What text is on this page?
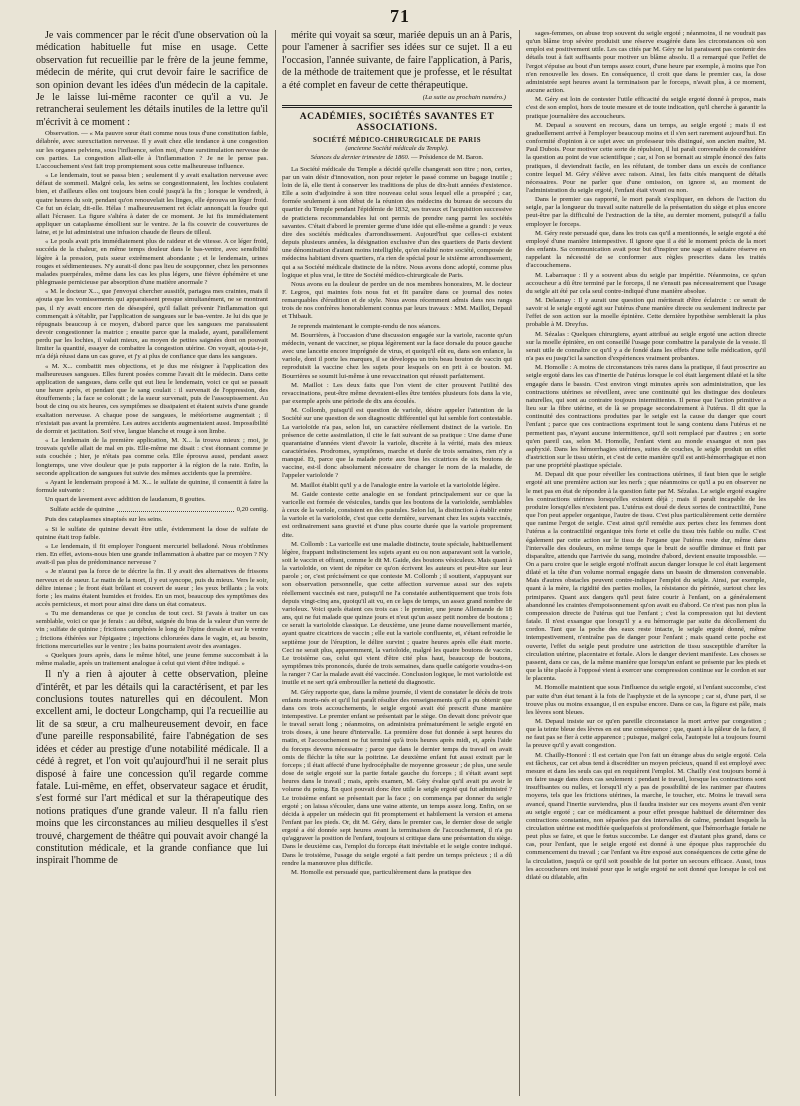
71

Je vais commencer par le récit d'une observation où la médication habituelle fut mise en usage. Cette observation fut recueillie par le frère de la jeune femme, médecin de mérite, qui crut devoir faire le sacrifice de son opinion devant les idées d'un médecin de la capitale. Je le laisse lui-même raconter ce qu'il a vu. Je retrancherai seulement les détails inutiles de la lettre qu'il m'écrivit à ce moment :

Observation. — « Ma pauvre sœur était comme nous tous d'une constitution faible, délabrée, avec surexcitation nerveuse. Il y avait chez elle tendance à une congestion sur les organes pelviens, sous l'influence, selon moi, d'une surstimulation nerveuse de ces parties. La congestion allait-elle à l'inflammation ? Je ne le pense pas. L'accouchement s'est fait trop promptement sous cette malheureuse influence.

« Le lendemain, tout se passa bien ; seulement il y avait exaltation nerveuse avec défaut de sommeil. Malgré cela, les seins se congestionnaient, les lochies coulaient bien, et d'ailleurs elles ont toujours bien coulé jusqu'à la fin ; lorsque le vendredi, à quatre heures du soir, pendant qu'on renouvelait les linges, elle éprouva un léger froid. Ce fut un éclair, dit-elle. Hélas ! malheureusement ret éclair annonçait la foudre qui allait l'écraser. La figure s'altéra à dater de ce moment. Je lui fis immédiatement appliquer un cataplasme émollient sur le ventre. Je la fis couvrir de couvertures de laine, et je lui administrai une infusion chaude de fleurs de tilleul.

« Le pouls avait pris immédiatement plus de raideur et de vitesse. A ce léger froid, succéda de la chaleur, en même temps douleur dans le bas-ventre, avec sensibilité légère à la pression, puis sueur extrêmement abondante ; et le lendemain, urines rouges et sédimenteuses. N'y aurait-il donc pas lieu de soupçonner, chez les personnes malades puerpérales, même dans les cas les plus légers, une fièvre éphémère et une phlegmasie pernicieuse par absorption d'une matière anormale ?

« M. le docteur X..., que j'envoyai chercher aussitôt, partagea mes craintes, mais il ajouta que les vomissements qui apparaissent presque simultanément, ne se montrant pas, il n'y avait encore rien de désespéré, qu'il fallait prévenir l'inflammation qui commençait à s'établir, par l'application de sangsues sur le bas-ventre. Je lui dis que je répugnais beaucoup à ce moyen, d'abord parce que les sangsues me paraissaient devoir congestionner la matrice ; ensuite parce que la malade, ayant, parallèlement perdu par les lochies, il valait mieux, au moyen de petites saignées dont on pouvait limiter la quantité, essayer de combattre la congestion utérine. On voyait, ajouta-t-je, m'a déjà réussi dans un cas grave, et j'y ai plus de confiance que dans les sangsues.

« M. X... combattit mes objections, et je dus me résigner à l'application des malheureuses sangsues. Elles furent posées comme l'avait dit le médecin. Dans cette application de sangsues, dans celle qui eut lieu le lendemain, voici ce qui se passait une heure après, et pendant que le sang coulait : il survenait de l'oppression, des étouffements ; la face se colorait ; de la sueur survenait, puis de l'assoupissement. Au bout de cinq ou six heures, ces symptômes se dissipaient et étaient suivis d'une grande exaltation nerveuse. A chaque pose de sangsues, le météorisme augmentait ; il n'existait pas avant la première. Les autres accidents augmentaient aussi. Impossibilité de dormir et jactitation. Soif vive, langue blanche et rouge à son limbe.

« Le lendemain de la première application, M. X... la trouva mieux ; moi, je trouvais qu'elle allait de mal en pis. Elle-même me disait : c'est étonnant comme je suis couchée ; hier, je n'étais pas comme cela. Elle éprouva aussi, pendant assez longtemps, une vive douleur que je puis rapporter à la région de la rate. Enfin, la seconde application de sangsues fut suivie des mêmes accidents que la première.

« Ayant le lendemain proposé à M. X... le sulfate de quinine, il consentit à faire la formule suivante :

Un quart de lavement avec addition de laudanum, 8 gouttes.

Sulfate acide de quinine	0,20 centig.

Puis des cataplasmes sinapisés sur les seins.

« Si le sulfate de quinine devait être utile, évidemment la dose de sulfate de quinine était trop faible.

« Le lendemain, il fit employer l'onguent mercuriel belladoné. Nous n'obtînmes rien. En effet, avions-nous bien une grande inflammation à abattre par ce moyen ? N'y avait-il pas plus de prédominance nerveuse ?

« Je n'aurai pas la force de te décrire la fin. Il y avait des alternatives de frissons nerveux et de sueur. Le matin de la mort, il y eut syncope, puis du mieux. Vers le soir, délire intense ; le front était brûlant et couvert de sueur ; les yeux brillants ; la voix forte ; les mains étaient humides et froides. En un mot, beaucoup des symptômes des accès pernicieux, et mort pour ainsi dire dans un état comateux.

« Tu me demanderas ce que je conclus de tout ceci. Si j'avais à traiter un cas semblable, voici ce que je ferais : au début, saignée du bras de la valeur d'un verre de vin ; sulfate de quinine ; frictions camphrées le long de l'épine dorsale et sur le ventre ; frictions éthérées sur l'épigastre ; injections chlorurées dans le vagin, et, au besoin, frictions mercurielles sur le ventre ; les bains pourraient avoir des avantages.

« Quelques jours après, dans le même hôtel, une jeune femme succombait à la même maladie, après un traitement analogue à celui qui vient d'être indiqué. »

Il n'y a rien à ajouter à cette observation, pleine d'intérêt, et par les détails qui la caractérisent, et par les conclusions toutes naturelles qui en découlent. Mon excellent ami, le docteur Longchamp, qui l'a recueillie au lit de sa sœur, a cru malheureusement devoir, en face d'une pareille responsabilité, faire l'abnégation de ses idées et céder au prestige d'une notabilité médicale. Il a cédé à regret, et l'on voit qu'aujourd'hui il ne serait plus disposé à faire une concession qu'il regarde comme fatale. Lui-même, en effet, observateur sagace et érudit, s'est formé sur l'art médical et sur la thérapeutique des notions pratiques d'une grande valeur. Il n'a fallu rien moins que les circonstances au milieu desquelles il s'est trouvé, chargement de théâtre qui pouvait avoir changé la constitution médicale, et la grande confiance que lui inspirait l'homme de

mérite qui voyait sa sœur, mariée depuis un an à Paris, pour l'amener à sacrifier ses idées sur ce sujet. Il a eu l'occasion, l'année suivante, de faire l'application, à Paris, de la méthode de traitement que je professe, et le résultat a été complet en faveur de cette thérapeutique.

(La suite au prochain numéro.)
ACADÉMIES, SOCIÉTÉS SAVANTES ET ASSOCIATIONS.
SOCIÉTÉ MÉDICO-CHIRURGICALE DE PARIS
(ancienne Société médicale du Temple).
Séances du dernier trimestre de 1860. — Présidence de M. Baron.

La Société médicale du Temple a décidé qu'elle changerait son titre ; non, certes, par un vain désir d'innovation, non pour rejeter le passé comme un bagage inutile ; loin de là, elle tient à conserver les traditions de plus de dix-huit années d'existence. Elle a soin d'adjoindre à son titre nouveau celui sous lequel elle a prospéré ; car, formée seulement à son début de la réunion des médecins du bureau de secours du quartier du Temple pendant l'épidémie de 1832, ses travaux et l'acquisition successive de praticiens recommandables lui ont permis de prendre rang parmi les sociétés savantes. C'était d'abord le premier germe d'une idée qui elle-même a grandi : je veux dire des sociétés médicales d'arrondissement. Aujourd'hui que celles-ci existent depuis plusieurs années, la désignation exclusive d'un des quartiers de Paris devient une dénomination d'autant moins intelligible, qu'en réalité notre société, composée de médecins habitant divers quartiers, n'a rien de spécial pour le sixième arrondissement, qui a sa Société médicale distincte de la nôtre. Nous avons donc adopté, comme plus logique et plus vrai, le titre de Société médico-chirurgicale de Paris.

Nous avons eu la douleur de perdre un de nos membres honoraires, M. le docteur F. Legros, qui maintes fois nous fut et fit paraître dans ce journal des notes remarquables d'érudition et de style. Nous avons récemment admis dans nos rangs trois de nos confrères honorablement connus par leurs travaux : MM. Maillot, Depaul et Thibault.

Je reprends maintenant le compte-rendu de nos séances.

M. Bourrières, à l'occasion d'une discussion engagée sur la variole, raconte qu'un médecin, venant de vacciner, se piqua légèrement sur la face dorsale du pouce gauche avec une lancette encore imprégnée de virus, et quoiqu'il eût eu, dans son enfance, la variole, dont il porte les marques, il se développa un très beau bouton de vaccin qui reproduisit la vaccine chez les sujets pour lesquels on en prit à ce bouton. M. Bourrières se soumit lui-même à une revaccination qui réussit parfaitement.

M. Maillot : Les deux faits que l'on vient de citer prouvent l'utilité des revaccinations, peut-être même devraient-elles être tentées plusieurs fois dans la vie, par exemple après une période de dix ans écoulés.

M. Collomb, puisqu'il est question de variole, désire appeler l'attention de la Société sur une question de son diagnostic différentiel qui lui semble fort contestable. La varioloïde n'a pas, selon lui, un caractère réellement distinct de la variole. En présence de cette assimilation, il cite le fait suivant de sa pratique : Une dame d'une quarantaine d'années vient d'avoir la variole, discrète à la vérité, mais des mieux caractérisées. Prodromes, symptômes, marche et durée de trois semaines, rien n'y a manqué. Et, parce que la malade porte aux bras les cicatrices de six boutons de vaccine, est-il donc absolument nécessaire de changer le nom de la maladie, de l'appeler varioloïde ?

M. Maillot établit qu'il y a de l'analogie entre la variole et la varioloïde légère.

M. Gaide conteste cette analogie en se fondant principalement sur ce que la varicelle est formée de vésicules, tandis que les boutons de la varioloïde, semblables à ceux de la variole, consistent en des pustules. Selon lui, la distinction à établir entre la variole et la varioloïde, c'est que cette dernière, survenant chez les sujets vaccinés, est ordinairement sans gravité et d'une plus courte durée que la variole proprement dite.

M. Collomb : La varicelle est une maladie distincte, toute spéciale, habituellement légère, frappant indistinctement les sujets ayant eu ou non auparavant soit la variole, soit le vaccin et offrant, comme le dit M. Gaide, des boutons vésiculeux. Mais quant à la varioloïde, on vient de répéter ce qu'on écrivent les auteurs et peut-être sur leur parole ; or, c'est précisément ce que conteste M. Collomb ; il soutient, s'appuyant sur son observation personnelle, que cette affection survenue aussi sur des sujets réellement vaccinés est rare, puisqu'il ne l'a constatée authentiquement que trois fois depuis vingt-cinq ans, quoiqu'il ait vu, en ce laps de temps, un assez grand nombre de varioleux. Voici quels étaient ces trois cas : le premier, une jeune Allemande de 18 ans, qui ne fut malade que quinze jours et n'eut qu'un assez petit nombre de boutons ; ce serait la varioloïde classique. Le deuxième, une jeune dame nouvellement mariée, ayant quatre cicatrices de vaccin ; elle eut la variole confluente, et, s'étant refroidie le septième jour de l'éruption, le délire survint ; quatre heures après elle était morte. Ceci ne serait plus, apparemment, la varioloïde, malgré les quatre boutons de vaccin. Le troisième cas, celui qui vient d'être cité plus haut, beaucoup de boutons, symptômes très prononcés, durée de trois semaines, dans quelle catégorie voudra-t-on la ranger ? Car la malade avait été vaccinée. Conclusion logique, le mot varioloïde est inutile et ne sert qu'à embrouiller la netteté du diagnostic.

M. Géry rapporte que, dans la même journée, il vient de constater le décès de trois enfants morts-nés et qu'il lui paraît résulter des renseignements qu'il a pu obtenir que dans ces trois accouchements, le seigle ergoté avait été prescrit d'une manière intempestive. Le premier enfant se présentait par le siège. On devait donc prévoir que le travail serait long ; néanmoins, on administra prématurément le seigle ergoté en trois doses, à une heure d'intervalle. La première dose fut donnée à sept heures du matin, et l'accouchement ne fut terminé qu'à trois heures après midi, et, après l'aide du forceps devenu nécessaire ; parce que dans le dernier temps du travail on avait omis de fléchir la tête sur la poitrine. Le deuxième enfant fut aussi extrait par le forceps ; il était affecté d'une hydrocéphalie de moyenne grosseur ; de plus, une seule dose de seigle ergoté sur la partie fœtale gauche du forceps ; il s'était avant sept heures dans le travail ; mais, après examen, M. Géry évalue qu'il avait pu avoir le volume du poing. En quoi pouvait donc être utile le seigle ergoté qui fut administré ? Le troisième enfant se présentait par la face ; on commença par donner du seigle ergoté ; on laissa s'écouler, dans une vaine attente, un temps assez long. Enfin, on se décida à appeler un médecin qui fit promptement et habilement la version et amena l'enfant par les pieds. Or, dit M. Géry, dans le premier cas, le dernier dose de seigle ergoté a été donnée sept heures avant la terminaison de l'accouchement, il n'a pu qu'aggraver la position de l'enfant, toujours si critique dans une présentation du siège. Dans le deuxième cas, l'emploi du forceps était inévitable et le seigle contre indiqué. Dans le troisième, l'usage du seigle ergoté a fait perdre un temps précieux ; il a dû rendre la manœuvre plus difficile.

M. Homolle est persuadé que, particulièrement dans la pratique des

sages-femmes, on abuse trop souvent du seigle ergoté ; néanmoins, il ne voudrait pas qu'un blâme trop sévère produisit une réserve exagérée dans les circonstances où son emploi est positivement utile. Les cas cités par M. Géry ne lui paraissent pas contenir des détails tout à fait suffisants pour motiver un blâme absolu. Il a remarqué que l'effet de l'ergot s'épuise au bout d'un temps assez court, d'une heure par exemple, à moins que l'on n'en renouvelle les doses. En conséquence, il croit que dans le premier cas, la dose administrée sept heures avant la terminaison par le forceps, n'avait plus, à ce moment, aucune action.

M. Géry est loin de contester l'utile efficacité du seigle ergoté donné à propos, mais c'est de son emploi, hors de toute mesure et de toute indication, qu'il cherche à garantir la pratique journalière des accoucheurs.

M. Depaul a souvent en recours, dans un temps, au seigle ergoté ; mais il est graduellement arrivé à l'employer beaucoup moins et il s'en sert rarement aujourd'hui. En conformité d'opinion à ce sujet avec un professeur très distingué, son ancien maître, M. Paul Dubois. Pour motiver cette sorte de répulsion, il lui paraît convenable de considérer la question au point de vue scientifique ; car, si l'on se bornait au simple énoncé des faits pratiques, il deviendrait facile, en les réfutant, de tomber dans un excès de confiance contre lequel M. Géry s'élève avec raison. Ainsi, les faits cités manquent de détails nécessaires. Pour ne parler que d'une omission, on ignore si, au moment de l'administration du seigle ergoté, l'enfant était vivant ou non.

Dans le premier cas rapporté, le mort paraît s'expliquer, en dehors de l'action du seigle, par la longueur du travail suite naturelle de la présentation du siège et plus encore peut-être par la difficulté de l'extraction de la tête, au dernier moment, puisqu'il a fallu employer le forceps.

M. Géry reste persuadé que, dans les trois cas qu'il a mentionnés, le seigle ergoté a été employé d'une manière intempestive. Il ignore que il a été le moment précis de la mort des enfants. Sa communication avait pour but d'inspirer une sage et salutaire réserve en rappelant la nécessité de se conformer aux règles prescrites dans les traités d'accouchemens.

M. Labarraque : Il y a souvent abus du seigle par impéritie. Néanmoins, ce qu'un accoucheur a dû être terminé par le forceps, il ne s'ensuit pas nécessairement que l'usage du seigle ait été par cela seul contre-indiqué d'une manière absolue.

M. Delaunay : Il y aurait une question qui mériterait d'être éclaircie : ce serait de savoir si le seigle ergoté agit sur l'utérus d'une manière directe ou seulement indirecte par l'effet de son action sur la moelle épinière. Cette dernière hypothèse semblerait la plus probable à M. Dreyfus.

M. Sézalas : Quelques chirurgiens, ayant attribué au seigle ergoté une action directe sur la moelle épinière, en ont conseillé l'usage pour combattre la paralysie de la vessie. Il serait utile de connaître ce qu'il y a de fondé dans les effets d'une telle médication, qu'il n'a pas eu jusqu'ici la sanction d'expériences vraiment probantes.

M. Homolle : A moins de circonstances très rares dans la pratique, il faut proscrire au seigle ergoté dans les cas d'inertie de l'utérus lorsque le col était largement dilaté et la tête engagée dans le bassin. C'est environ vingt minutes après son administration, que les contractions utérines se réveillent, avec une continuité qui les distingue des douleurs naturelles, qui sont au contraire toujours intermittentes. Il pense que l'action primitive a lieu sur la fibre utérine, et de là se propage secondairement à l'utérus. Il dit que la continuité des contractions produites par le seigle est la cause du danger que court l'enfant ; parce que ces contractions expriment tout le sang contenu dans l'utérus et ne permettent pas, n'ayant aucune intermittence, qu'il soit remplacé par d'autres ; en sorte qu'en pareil cas, selon M. Homolle, l'enfant vient au monde exsangue et non pas asphyxié. Dans les hémorrhagies utérines, suites de couches, le seigle produit un effet d'astriction sur le tissu utérin, et c'est de cette manière qu'il est anti-hémorrhagique et non par une propriété plastique spéciale.

M. Depaul dit que pour réveiller les contractions utérines, il faut bien que le seigle ergoté ait une première action sur les nerfs ; que néanmoins ce qu'il a pu en observer ne le met pas en état de répondre à la question faite par M. Sézalas. Le seigle ergoté exagère les contractions utérines lorsqu'elles existent déjà ; mais il paraît incapable de les produire lorsqu'elles n'existent pas. L'utérus est doué de deux sortes de contractilité, l'une que l'on peut appeler organique, l'autre de tissu. C'est plus particulièrement cette dernière que ranime l'ergot de seigle. C'est ainsi qu'il remédie aux pertes chez les femmes dont l'utérus a la contractilité organique très forte et celle du tissu très faible ou nulle. C'est également par cette action sur le tissu de l'organe que l'utérus reste dur, même dans l'intervalle des douleurs, en même temps que le bruit de souffle diminue et finit par disparaître, attendu que l'arrivée du sang, moindre d'abord, devient ensuite impossible. — On a paru croire que le seigle ergoté n'offrait aucun danger lorsque le col était largement dilaté et la tête d'un volume normal engagée dans un bassin de dimension convenable. Mais d'autres obstacles peuvent contre-indiquer l'emploi du seigle. Ainsi, par exemple, quant à la mère, la rigidité des parties molles, la résistance du périnée, surtout chez les primipares. Quant aux dangers qu'il peut faire courir à l'enfant, on a généralement abandonné les craintes d'empoisonnement qu'on avait eu d'abord. Ce n'est pas non plus la compression directe de l'utérus qui tue l'enfant ; c'est la compression qui lui devient fatale. Il n'est exsangue que lorsqu'il y a eu hémorragie par suite du décollement du cordon. Tant que la poche des eaux reste intacte, le seigle ergoté donné, même intempestivement, n'entraîne pas de danger pour l'enfant ; mais quand cette poche est ouverte, l'effet du seigle peut produire une astriction de tissu susceptible d'arrêter la circulation utérine, placentaire et fœtale. Alors le danger devient manifeste. Les choses se passent, dans ce cas, de la même manière que lorsqu'un enfant se présente par les pieds et que la tête placée à l'opposé vient à exercer une compression continue sur le cordon et sur le placenta.

M. Homolle maintient que sous l'influence du seigle ergoté, si l'enfant succombe, c'est par suite d'un état tenant à la fois de l'asphyxie et de la syncope ; car si, d'une part, il se trouve plus ou moins exsangue, il en expulse encore. Dans ce cas, la figure est pâle, mais les lèvres sont bleues.

M. Depaul insiste sur ce qu'en pareille circonstance la mort arrive par congestion ; que la teinte bleue des lèvres en est une conséquence ; que, quant à la pâleur de la face, il ne faut pas se fier à cette apparence ; puisque, malgré cela, l'autopsie lui a toujours fourni la preuve qu'il y avait congestion.

M. Chailly-Honoré : Il est certain que l'on fait un étrange abus du seigle ergoté. Cela est fâcheux, car cet abus tend à discréditer un moyen précieux, quand il est employé avec mesure et dans les seuls cas qui en requièrent l'emploi. M. Chailly s'est toujours borné à en faire usage dans deux cas seulement : pendant le travail, lorsque les contractions sont insuffisantes ou nulles, et lorsqu'il n'y a pas de possibilité de les ranimer par d'autres moyens, tels que les frictions utérines, la marche, le toucher, etc. Moins le travail sera avancé, quand l'inertie surviendra, plus il faudra insister sur ces moyens avant d'en venir au seigle ergoté ; car ce médicament a pour effet presque habituel de déterminer des contractions constantes, non séparées par des intervalles de calme, pendant lesquels la circulation utérine est modifiée quelquefois si profondément, que l'hémorrhagie fœtale ne peut plus se faire, et que le fœtus succombe. Le danger est d'autant plus grand, dans ce cas, pour l'enfant, que le seigle ergoté est donné à une époque plus rapprochée du commencement du travail ; car l'enfant va être exposé aux conséquences de cette gêne de la circulation, jusqu'à ce qu'il soit possible de lui porter un secours efficace. Aussi, tous les accoucheurs ont insisté pour que le seigle ergoté ne soit donné que lorsque le col est dilaté ou dilatable, afin
